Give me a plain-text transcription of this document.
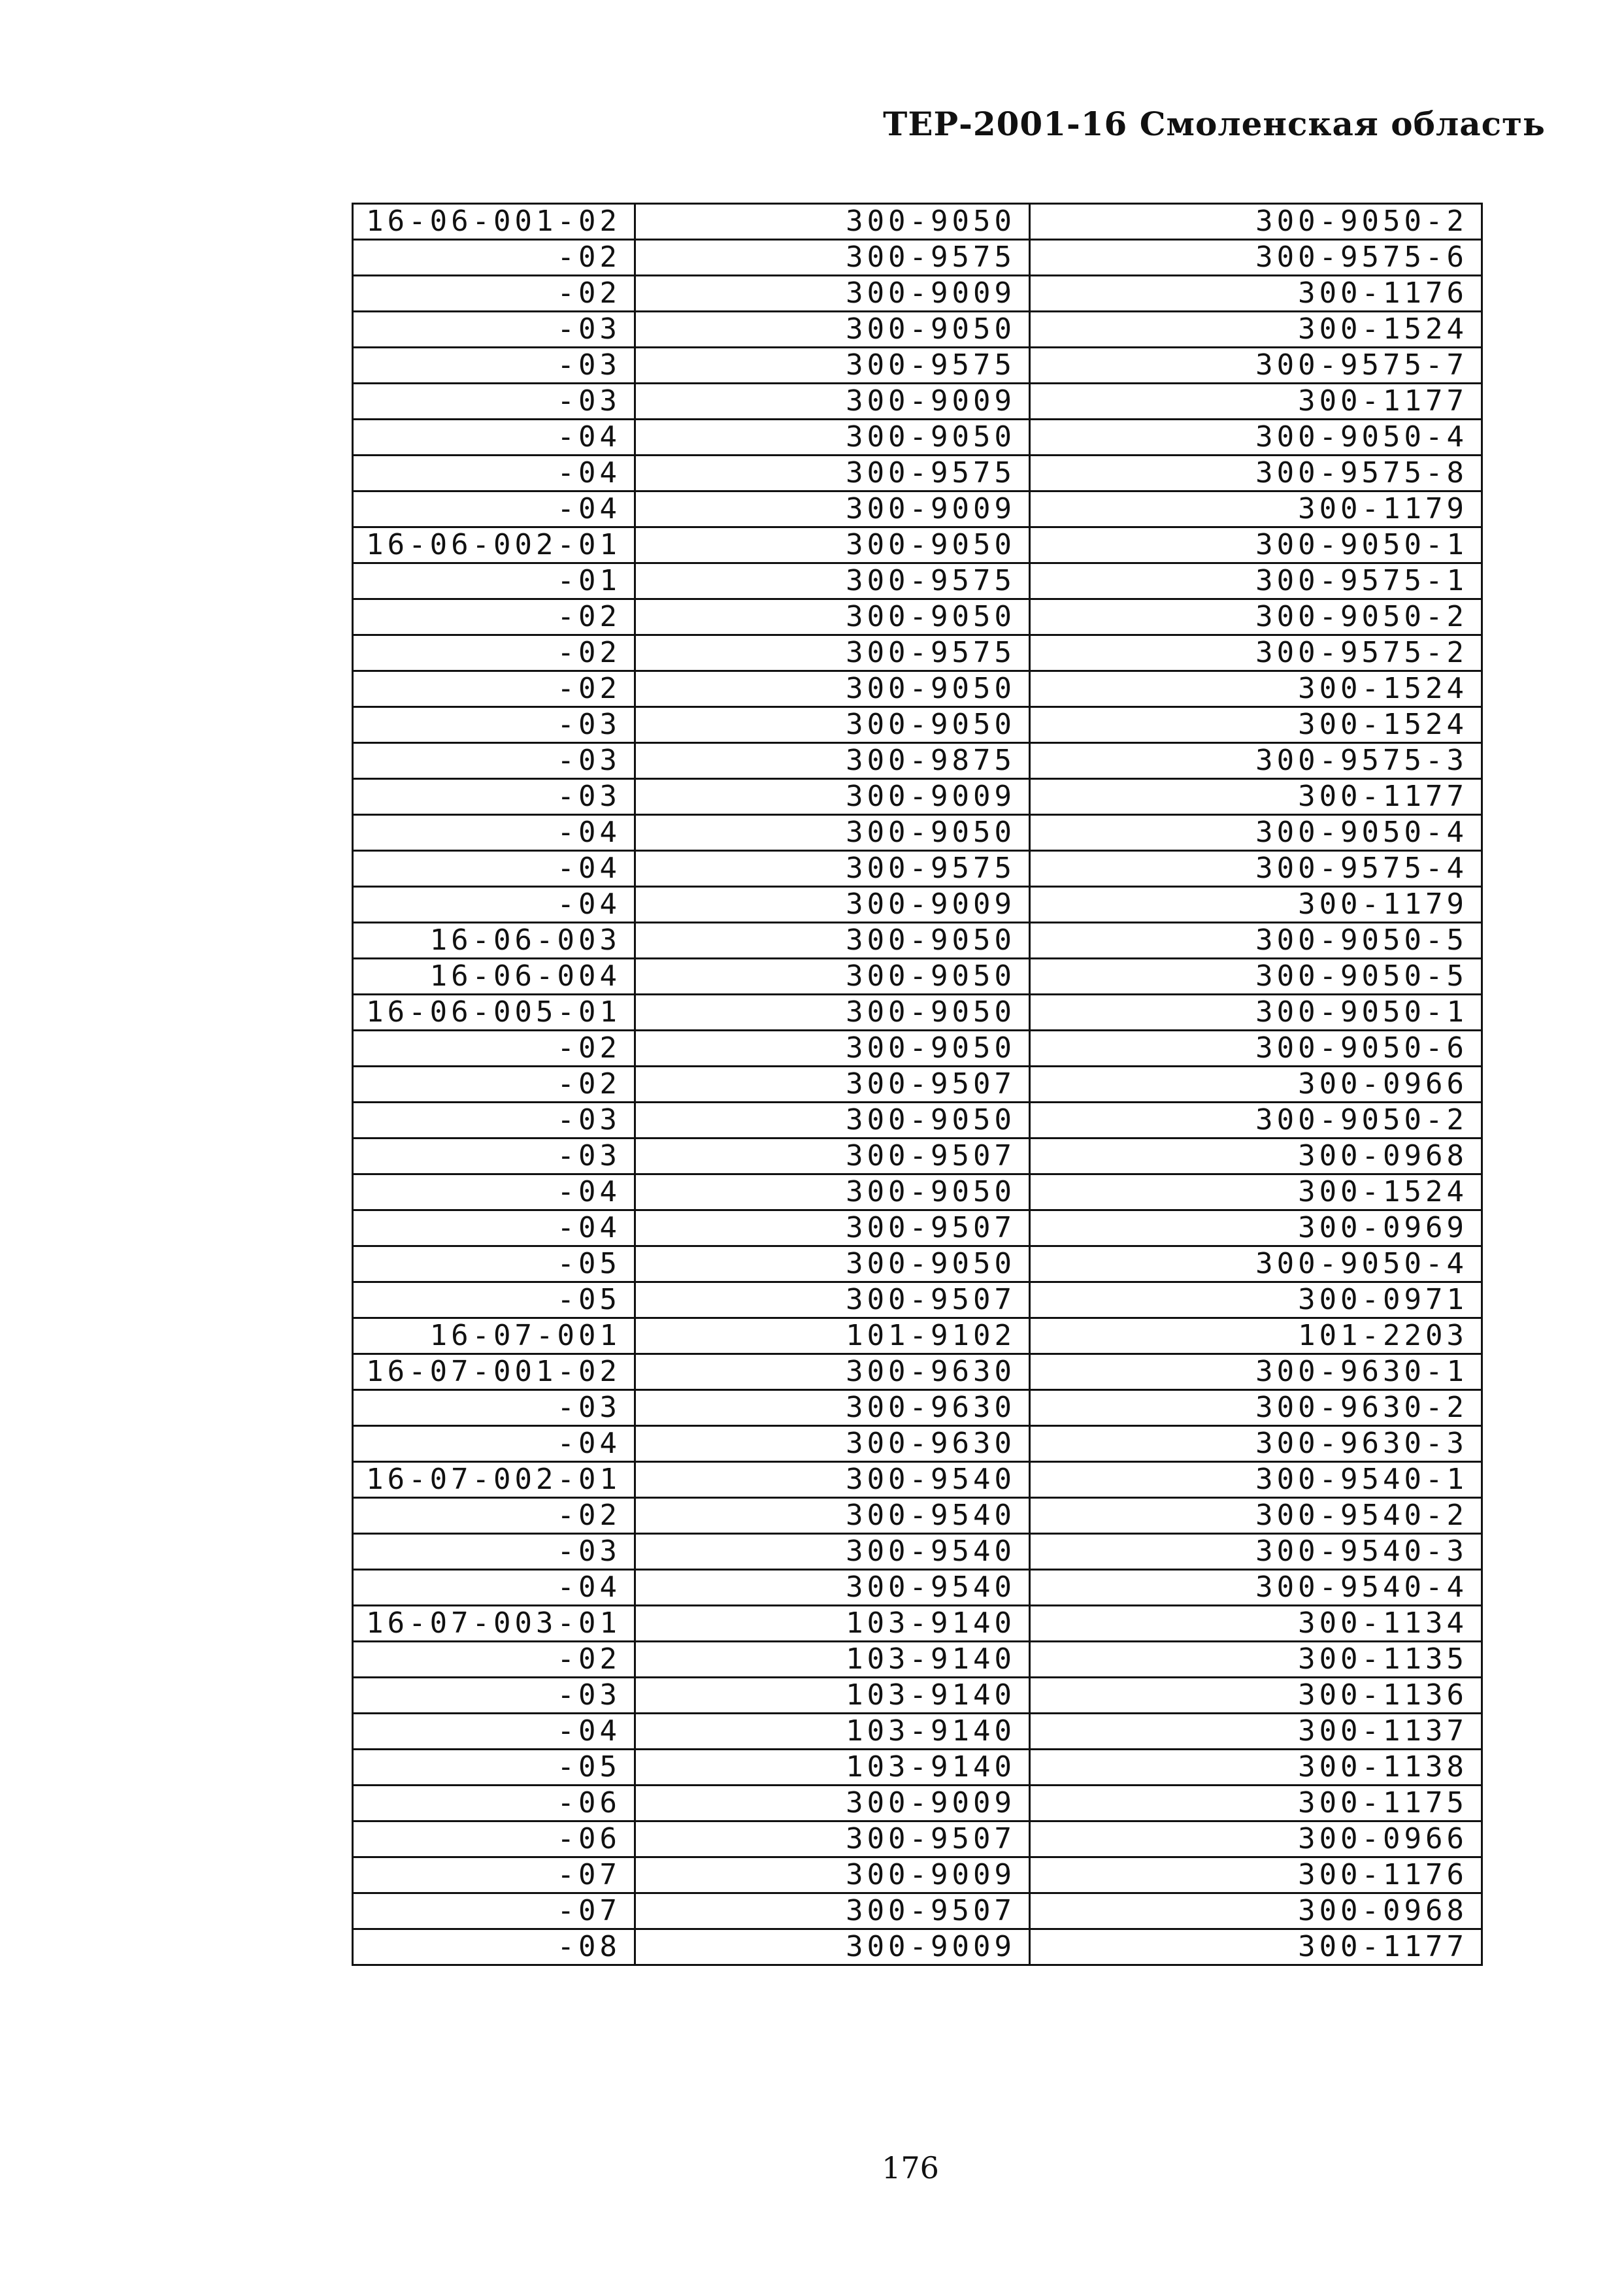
ТЕР-2001-16 Смоленская область
16-06-001-02	300-9050	300-9050-2
-02	300-9575	300-9575-6
-02	300-9009	300-1176
-03	300-9050	300-1524
-03	300-9575	300-9575-7
-03	300-9009	300-1177
-04	300-9050	300-9050-4
-04	300-9575	300-9575-8
-04	300-9009	300-1179
16-06-002-01	300-9050	300-9050-1
-01	300-9575	300-9575-1
-02	300-9050	300-9050-2
-02	300-9575	300-9575-2
-02	300-9050	300-1524
-03	300-9050	300-1524
-03	300-9875	300-9575-3
-03	300-9009	300-1177
-04	300-9050	300-9050-4
-04	300-9575	300-9575-4
-04	300-9009	300-1179
16-06-003	300-9050	300-9050-5
16-06-004	300-9050	300-9050-5
16-06-005-01	300-9050	300-9050-1
-02	300-9050	300-9050-6
-02	300-9507	300-0966
-03	300-9050	300-9050-2
-03	300-9507	300-0968
-04	300-9050	300-1524
-04	300-9507	300-0969
-05	300-9050	300-9050-4
-05	300-9507	300-0971
16-07-001	101-9102	101-2203
16-07-001-02	300-9630	300-9630-1
-03	300-9630	300-9630-2
-04	300-9630	300-9630-3
16-07-002-01	300-9540	300-9540-1
-02	300-9540	300-9540-2
-03	300-9540	300-9540-3
-04	300-9540	300-9540-4
16-07-003-01	103-9140	300-1134
-02	103-9140	300-1135
-03	103-9140	300-1136
-04	103-9140	300-1137
-05	103-9140	300-1138
-06	300-9009	300-1175
-06	300-9507	300-0966
-07	300-9009	300-1176
-07	300-9507	300-0968
-08	300-9009	300-1177
176
